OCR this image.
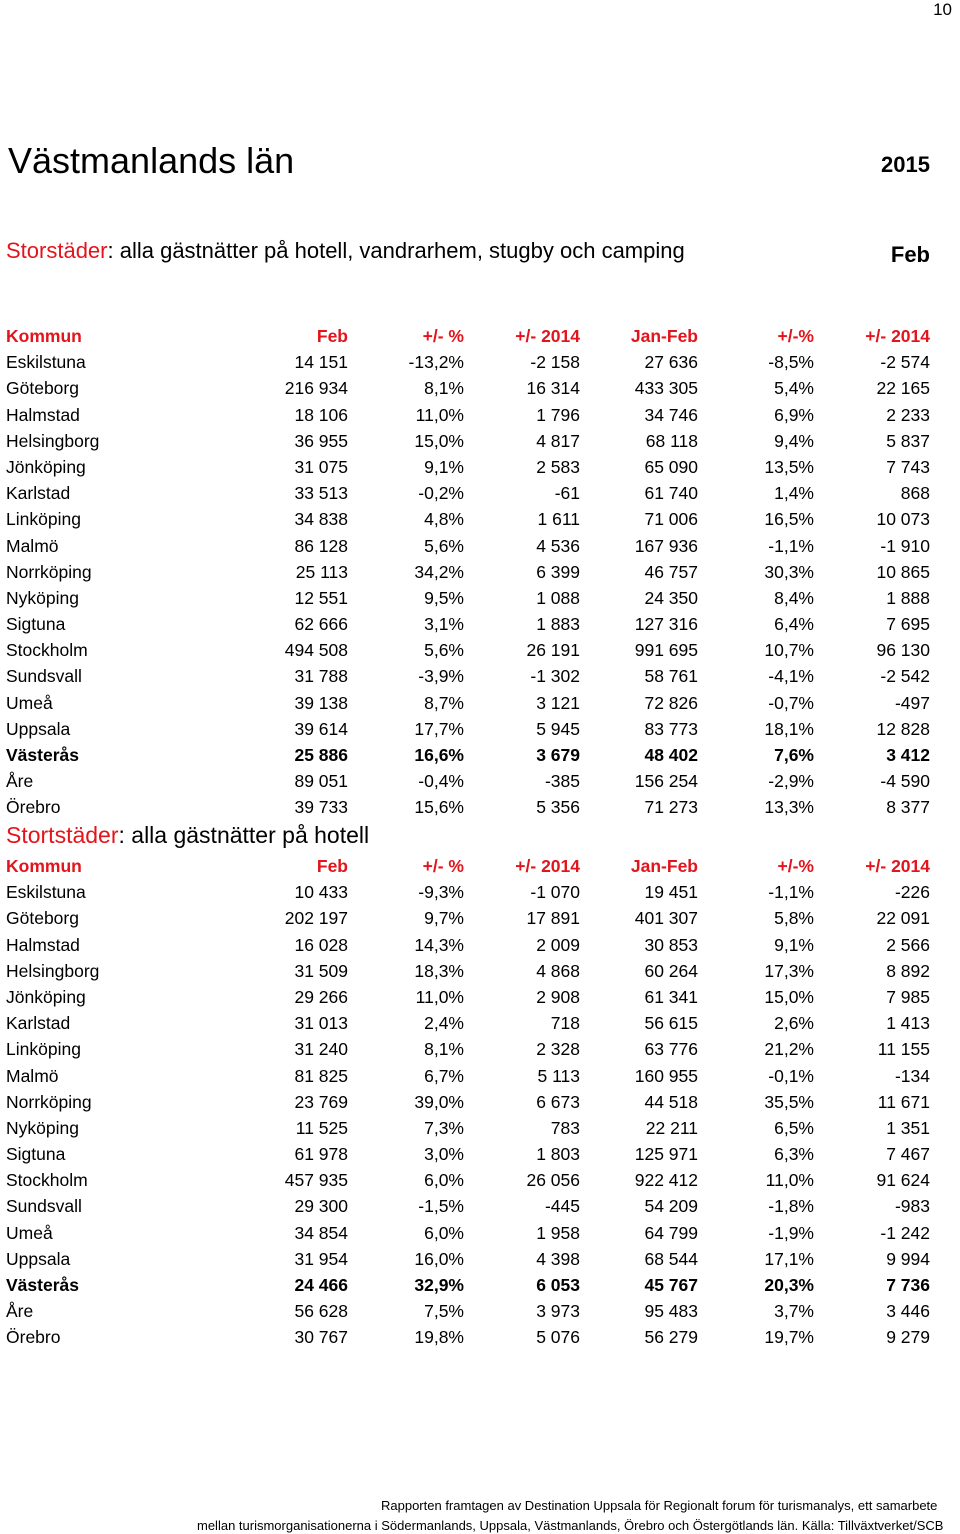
10
Västmanlands län	2015
Storstäder: alla gästnätter på hotell, vandrarhem, stugby och camping	Feb
Kommun	Feb	+/- %	+/- 2014	Jan-Feb	+/-%	+/- 2014
Eskilstuna	14 151	-13,2%	-2 158	27 636	-8,5%	-2 574
Göteborg	216 934	8,1%	16 314	433 305	5,4%	22 165
Halmstad	18 106	11,0%	1 796	34 746	6,9%	2 233
Helsingborg	36 955	15,0%	4 817	68 118	9,4%	5 837
Jönköping	31 075	9,1%	2 583	65 090	13,5%	7 743
Karlstad	33 513	-0,2%	-61	61 740	1,4%	868
Linköping	34 838	4,8%	1 611	71 006	16,5%	10 073
Malmö	86 128	5,6%	4 536	167 936	-1,1%	-1 910
Norrköping	25 113	34,2%	6 399	46 757	30,3%	10 865
Nyköping	12 551	9,5%	1 088	24 350	8,4%	1 888
Sigtuna	62 666	3,1%	1 883	127 316	6,4%	7 695
Stockholm	494 508	5,6%	26 191	991 695	10,7%	96 130
Sundsvall	31 788	-3,9%	-1 302	58 761	-4,1%	-2 542
Umeå	39 138	8,7%	3 121	72 826	-0,7%	-497
Uppsala	39 614	17,7%	5 945	83 773	18,1%	12 828
Västerås	25 886	16,6%	3 679	48 402	7,6%	3 412
Åre	89 051	-0,4%	-385	156 254	-2,9%	-4 590
Örebro	39 733	15,6%	5 356	71 273	13,3%	8 377
Stortstäder: alla gästnätter på hotell
Kommun	Feb	+/- %	+/- 2014	Jan-Feb	+/-%	+/- 2014
Eskilstuna	10 433	-9,3%	-1 070	19 451	-1,1%	-226
Göteborg	202 197	9,7%	17 891	401 307	5,8%	22 091
Halmstad	16 028	14,3%	2 009	30 853	9,1%	2 566
Helsingborg	31 509	18,3%	4 868	60 264	17,3%	8 892
Jönköping	29 266	11,0%	2 908	61 341	15,0%	7 985
Karlstad	31 013	2,4%	718	56 615	2,6%	1 413
Linköping	31 240	8,1%	2 328	63 776	21,2%	11 155
Malmö	81 825	6,7%	5 113	160 955	-0,1%	-134
Norrköping	23 769	39,0%	6 673	44 518	35,5%	11 671
Nyköping	11 525	7,3%	783	22 211	6,5%	1 351
Sigtuna	61 978	3,0%	1 803	125 971	6,3%	7 467
Stockholm	457 935	6,0%	26 056	922 412	11,0%	91 624
Sundsvall	29 300	-1,5%	-445	54 209	-1,8%	-983
Umeå	34 854	6,0%	1 958	64 799	-1,9%	-1 242
Uppsala	31 954	16,0%	4 398	68 544	17,1%	9 994
Västerås	24 466	32,9%	6 053	45 767	20,3%	7 736
Åre	56 628	7,5%	3 973	95 483	3,7%	3 446
Örebro	30 767	19,8%	5 076	56 279	19,7%	9 279
Rapporten framtagen av Destination Uppsala för Regionalt forum för turismanalys, ett samarbete
mellan turismorganisationerna i Södermanlands, Uppsala, Västmanlands, Örebro och Östergötlands län. Källa: Tillväxtverket/SCB
